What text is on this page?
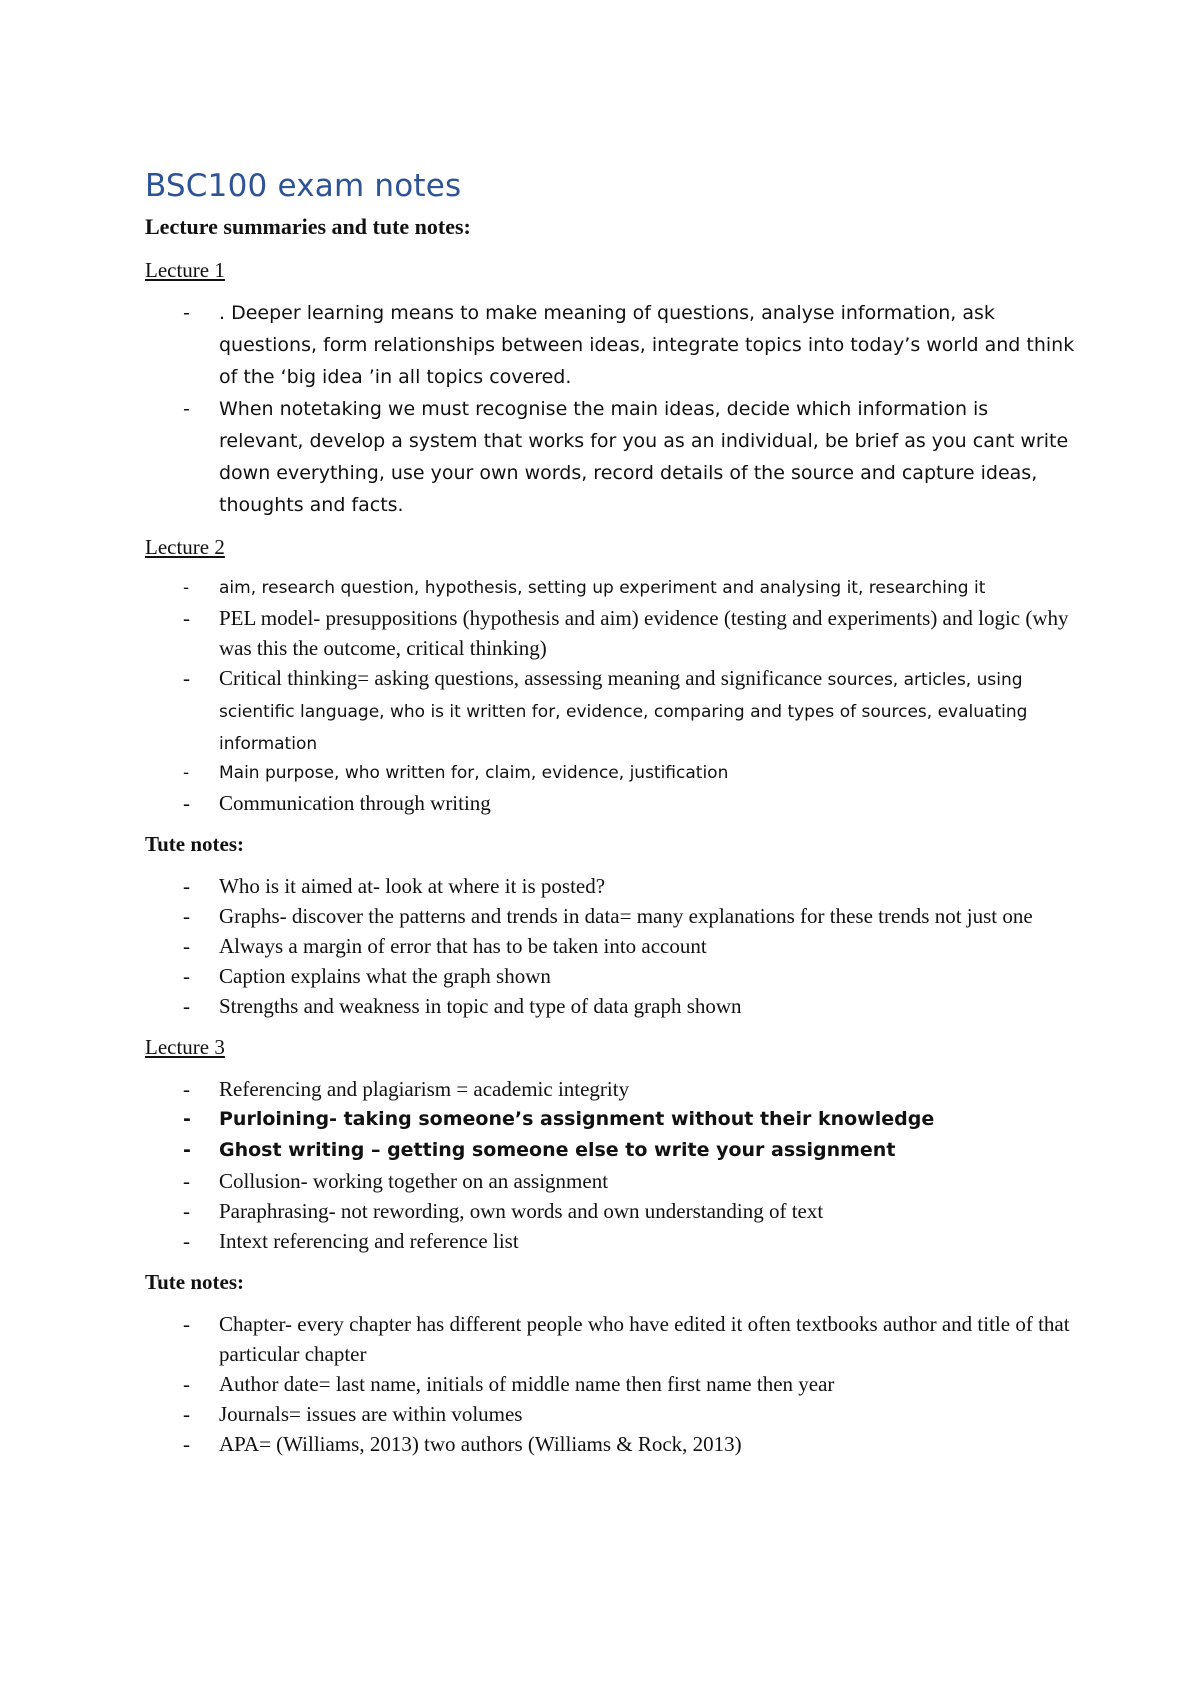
BSC100 exam notes
Lecture summaries and tute notes:
Lecture 1
- . Deeper learning means to make meaning of questions, analyse information, ask questions, form relationships between ideas, integrate topics into today’s world and think of the ‘big idea ’in all topics covered.
- When notetaking we must recognise the main ideas, decide which information is relevant, develop a system that works for you as an individual, be brief as you cant write down everything, use your own words, record details of the source and capture ideas, thoughts and facts.
Lecture 2
- aim, research question, hypothesis, setting up experiment and analysing it, researching it
- PEL model- presuppositions (hypothesis and aim) evidence (testing and experiments) and logic (why was this the outcome, critical thinking)
- Critical thinking= asking questions, assessing meaning and significance sources, articles, using scientific language, who is it written for, evidence, comparing and types of sources, evaluating information
- Main purpose, who written for, claim, evidence, justification
- Communication through writing
Tute notes:
- Who is it aimed at- look at where it is posted?
- Graphs- discover the patterns and trends in data= many explanations for these trends not just one
- Always a margin of error that has to be taken into account
- Caption explains what the graph shown
- Strengths and weakness in topic and type of data graph shown
Lecture 3
- Referencing and plagiarism = academic integrity
- Purloining- taking someone’s assignment without their knowledge
- Ghost writing – getting someone else to write your assignment
- Collusion- working together on an assignment
- Paraphrasing- not rewording, own words and own understanding of text
- Intext referencing and reference list
Tute notes:
- Chapter- every chapter has different people who have edited it often textbooks author and title of that particular chapter
- Author date= last name, initials of middle name then first name then year
- Journals= issues are within volumes
- APA= (Williams, 2013) two authors (Williams & Rock, 2013)
